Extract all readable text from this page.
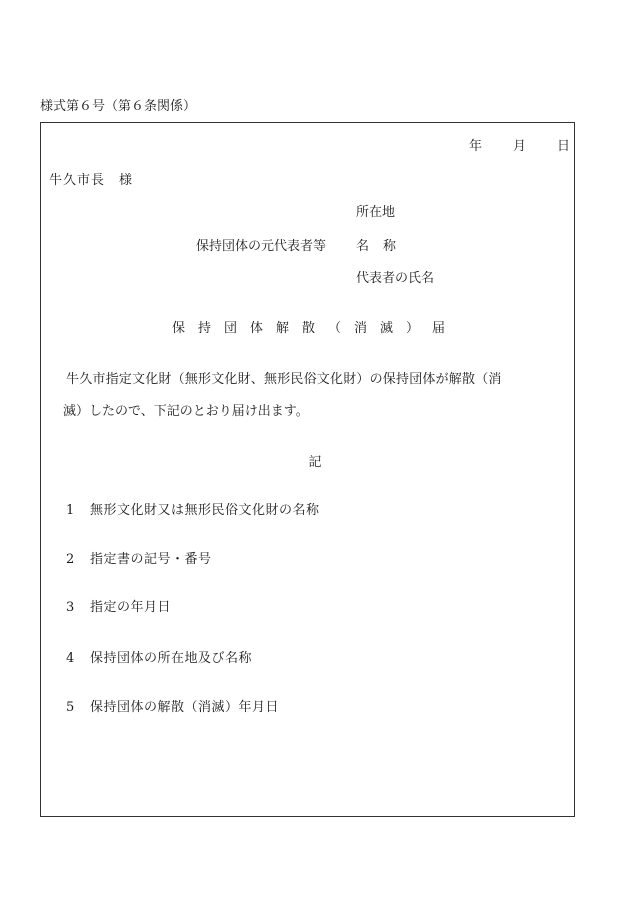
様式第６号（第６条関係）
年 月 日
牛久市長　様
所在地
保持団体の元代表者等 名称
代表者の氏名
保持団体解散（消滅）届
牛久市指定文化財（無形文化財、無形民俗文化財）の保持団体が解散（消
滅）したので、下記のとおり届け出ます。
記
1 無形文化財又は無形民俗文化財の名称
2 指定書の記号・番号
3 指定の年月日
4 保持団体の所在地及び名称
5 保持団体の解散（消滅）年月日
